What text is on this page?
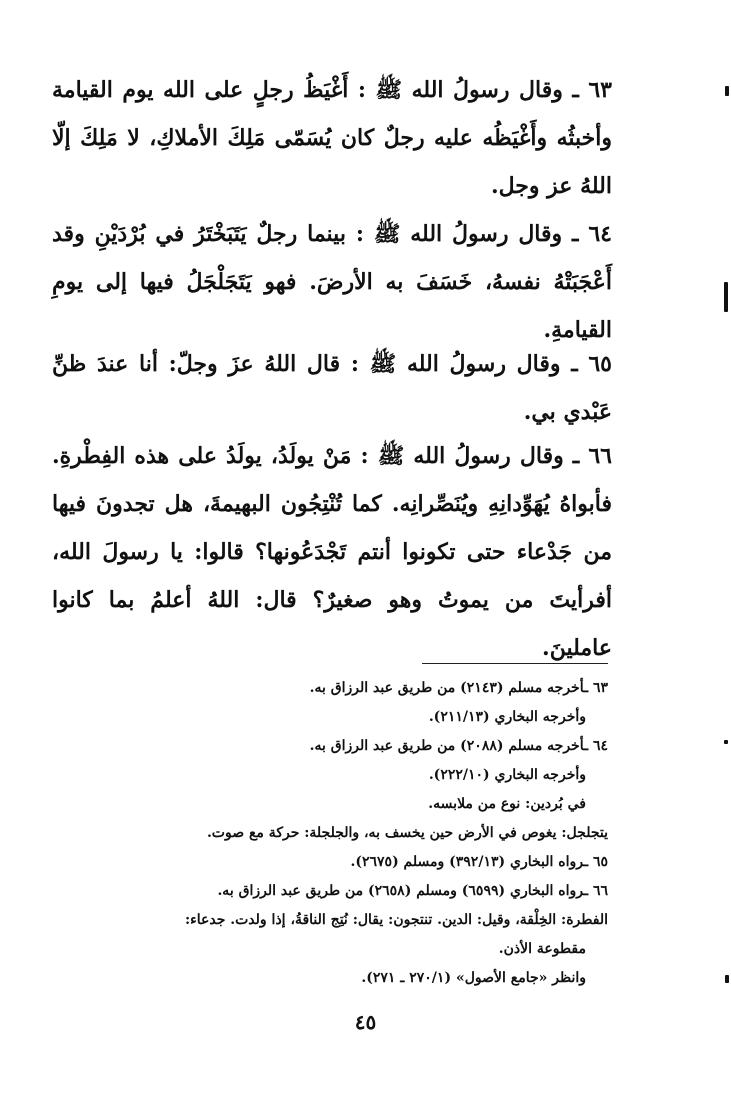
٦٣ ـ وقال رسولُ الله ﷺ : أَغْيَظُ رجلٍ على الله يوم القيامة وأخبثُه وأَغْيَظُه عليه رجلٌ كان يُسَمّى مَلِكَ الأملاكِ، لا مَلِكَ إلّا اللهُ عز وجل.

٦٤ ـ وقال رسولُ الله ﷺ : بينما رجلٌ يَتَبَخْتَرُ في بُرْدَيْنِ وقد أَعْجَبَتْهُ نفسهُ، خَسَفَ به الأرضَ. فهو يَتَجَلْجَلُ فيها إلى يومِ القيامةِ.

٦٥ ـ وقال رسولُ الله ﷺ : قال اللهُ عزَ وجلّ: أنا عندَ ظنِّ عَبْدي بي.

٦٦ ـ وقال رسولُ الله ﷺ : مَنْ يولَدُ، يولَدُ على هذه الفِطْرةِ. فأبواهُ يُهَوِّدانِهِ ويُنَصِّرانِه. كما تُنْتِجُون البهيمةَ، هل تجدونَ فيها من جَدْعاء حتى تكونوا أنتم تَجْدَعُونها؟ قالوا: يا رسولَ الله، أفرأيتَ من يموتُ وهو صغيرٌ؟ قال: اللهُ أعلمُ بما كانوا عاملينَ.

٦٣ ـأخرجه مسلم (٢١٤٣) من طريق عبد الرزاق به.
وأخرجه البخاري (٢١١/١٣).
٦٤ ـأخرجه مسلم (٢٠٨٨) من طريق عبد الرزاق به.
وأخرجه البخاري (٢٢٢/١٠).
في بُردين: نوع من ملابسه.
يتجلجل: يغوص في الأرض حين يخسف به، والجلجلة: حركة مع صوت.
٦٥ ـرواه البخاري (٣٩٢/١٣) ومسلم (٢٦٧٥).
٦٦ ـرواه البخاري (٦٥٩٩) ومسلم (٢٦٥٨) من طريق عبد الرزاق به.
الفطرة: الخِلْقة، وقيل: الدين. تنتجون: يقال: نُتِج الناقةُ، إذا ولدت. جدعاء:
مقطوعة الأذن.
وانظر «جامع الأصول» (٢٧٠/١ ـ ٢٧١).
٤٥
